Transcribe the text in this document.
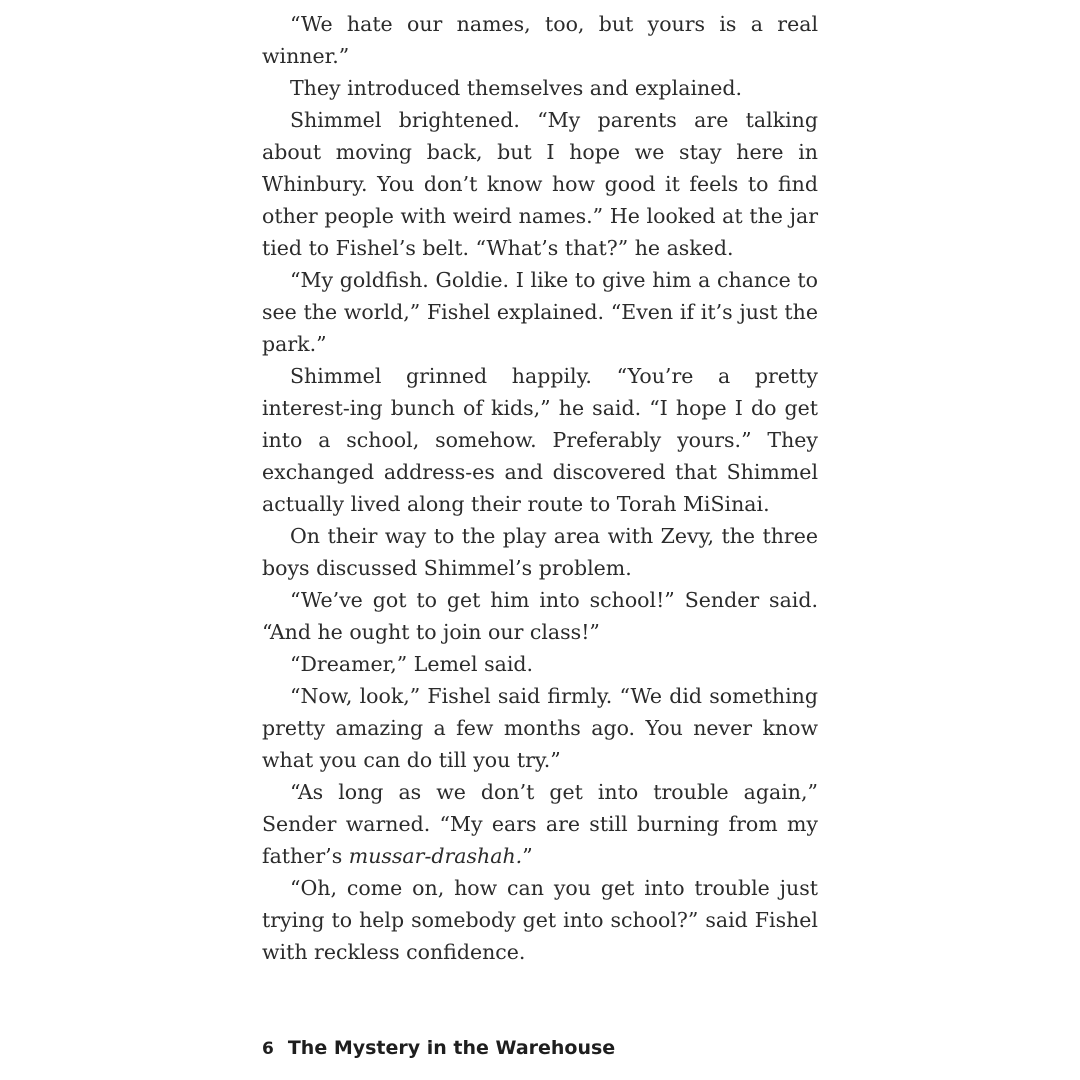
“We hate our names, too, but yours is a real winner.”

They introduced themselves and explained.

Shimmel brightened. “My parents are talking about moving back, but I hope we stay here in Whinbury. You don’t know how good it feels to find other people with weird names.” He looked at the jar tied to Fishel’s belt. “What’s that?” he asked.

“My goldfish. Goldie. I like to give him a chance to see the world,” Fishel explained. “Even if it’s just the park.”

Shimmel grinned happily. “You’re a pretty interest-ing bunch of kids,” he said. “I hope I do get into a school, somehow. Preferably yours.” They exchanged address-es and discovered that Shimmel actually lived along their route to Torah MiSinai.

On their way to the play area with Zevy, the three boys discussed Shimmel’s problem.

“We’ve got to get him into school!” Sender said. “And he ought to join our class!”

“Dreamer,” Lemel said.

“Now, look,” Fishel said firmly. “We did something pretty amazing a few months ago. You never know what you can do till you try.”

“As long as we don’t get into trouble again,” Sender warned. “My ears are still burning from my father’s mussar-drashah.”

“Oh, come on, how can you get into trouble just trying to help somebody get into school?” said Fishel with reckless confidence.

6 The Mystery in the Warehouse
